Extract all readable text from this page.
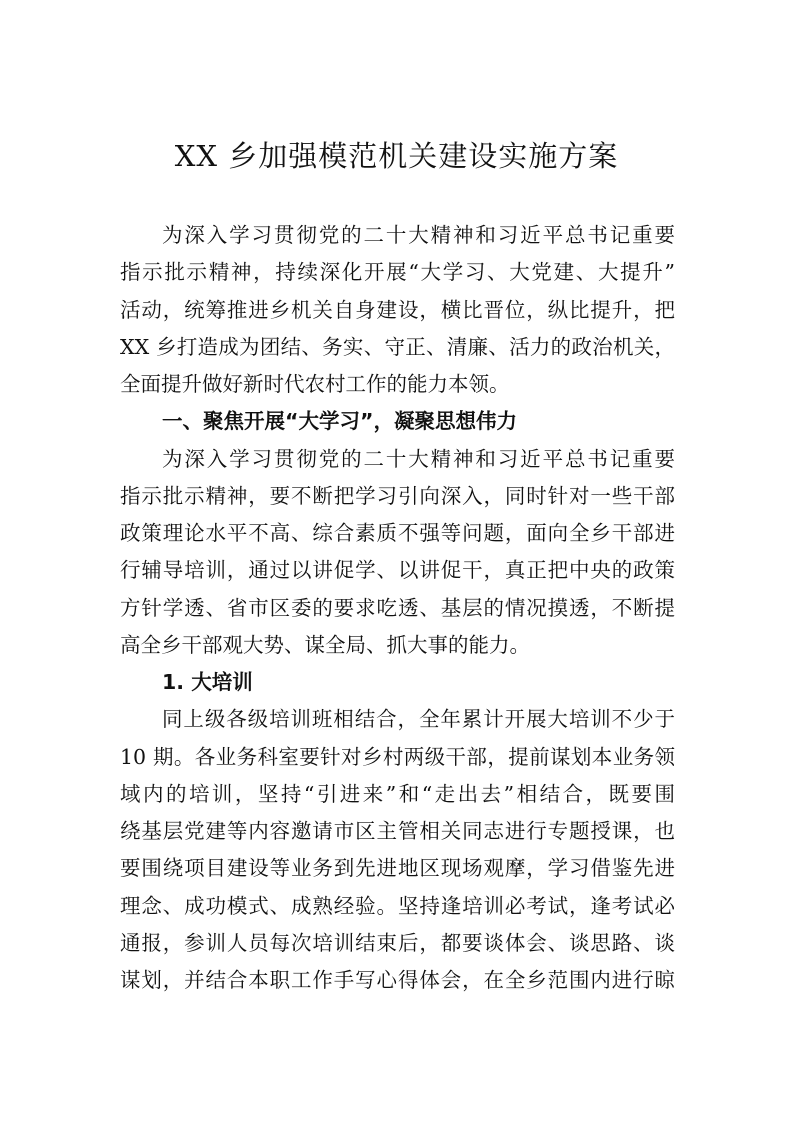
XX 乡加强模范机关建设实施方案
为深入学习贯彻党的二十大精神和习近平总书记重要
指示批示精神，持续深化开展“大学习、大党建、大提升”
活动，统筹推进乡机关自身建设，横比晋位，纵比提升，把
XX 乡打造成为团结、务实、守正、清廉、活力的政治机关，
全面提升做好新时代农村工作的能力本领。
一、聚焦开展“大学习”，凝聚思想伟力
为深入学习贯彻党的二十大精神和习近平总书记重要
指示批示精神，要不断把学习引向深入，同时针对一些干部
政策理论水平不高、综合素质不强等问题，面向全乡干部进
行辅导培训，通过以讲促学、以讲促干，真正把中央的政策
方针学透、省市区委的要求吃透、基层的情况摸透，不断提
高全乡干部观大势、谋全局、抓大事的能力。
1. 大培训
同上级各级培训班相结合，全年累计开展大培训不少于
10 期。各业务科室要针对乡村两级干部，提前谋划本业务领
域内的培训，坚持“引进来”和“走出去”相结合，既要围
绕基层党建等内容邀请市区主管相关同志进行专题授课，也
要围绕项目建设等业务到先进地区现场观摩，学习借鉴先进
理念、成功模式、成熟经验。坚持逢培训必考试，逢考试必
通报，参训人员每次培训结束后，都要谈体会、谈思路、谈
谋划，并结合本职工作手写心得体会，在全乡范围内进行晾
